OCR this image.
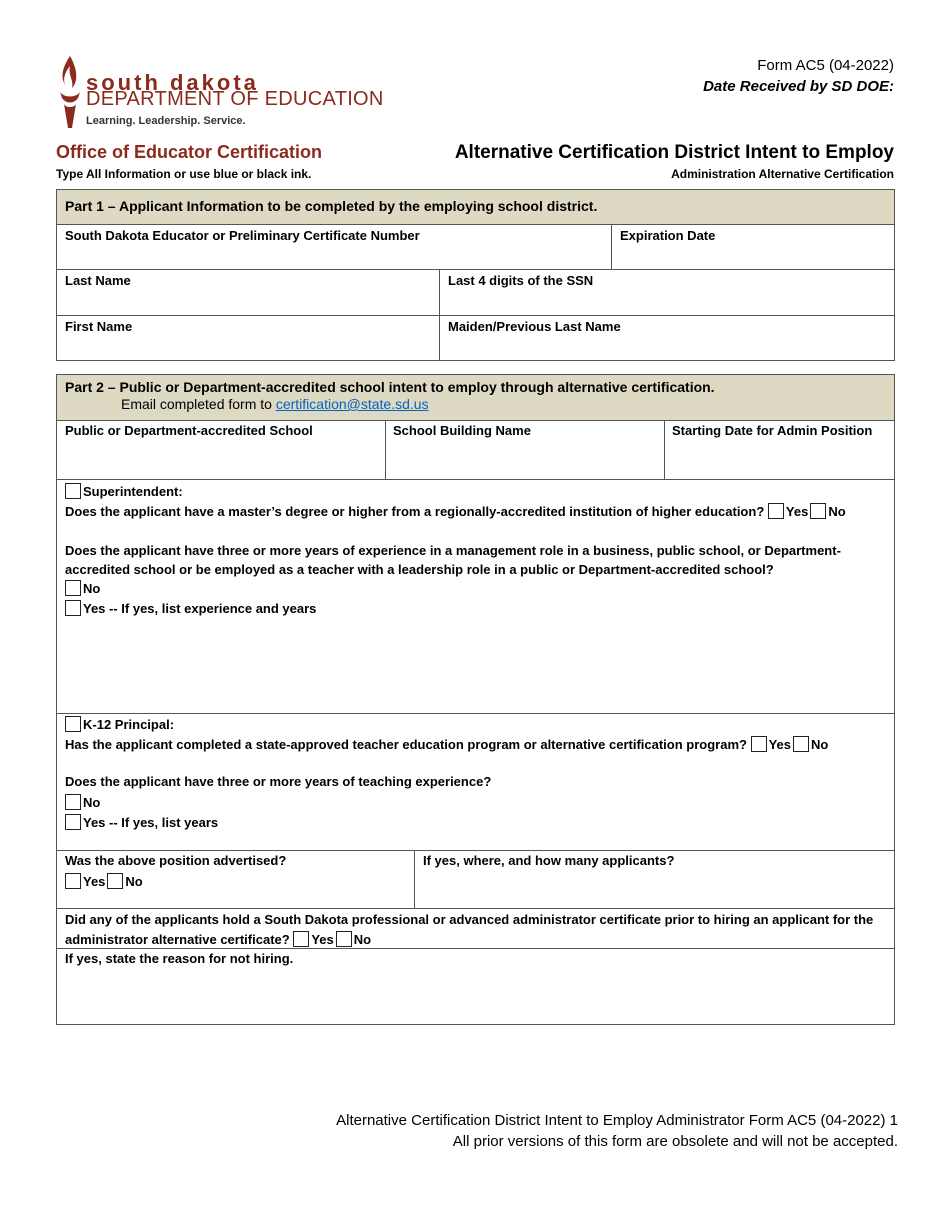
south dakota
DEPARTMENT OF EDUCATION
Learning. Leadership. Service.
Form AC5 (04-2022)
Date Received by SD DOE:
Office of Educator Certification	Alternative Certification District Intent to Employ
Type All Information or use blue or black ink.	Administration Alternative Certification
Part 1 – Applicant Information to be completed by the employing school district.
South Dakota Educator or Preliminary Certificate Number	Expiration Date
Last Name	Last 4 digits of the SSN
First Name	Maiden/Previous Last Name
Part 2 – Public or Department-accredited school intent to employ through alternative certification.
Email completed form to certification@state.sd.us
Public or Department-accredited School	School Building Name	Starting Date for Admin Position
Superintendent:
Does the applicant have a master’s degree or higher from a regionally-accredited institution of higher education? Yes No
Does the applicant have three or more years of experience in a management role in a business, public school, or Department-accredited school or be employed as a teacher with a leadership role in a public or Department-accredited school?
No
Yes -- If yes, list experience and years
K-12 Principal:
Has the applicant completed a state-approved teacher education program or alternative certification program? Yes No
Does the applicant have three or more years of teaching experience?
No
Yes -- If yes, list years
Was the above position advertised?
Yes No
If yes, where, and how many applicants?
Did any of the applicants hold a South Dakota professional or advanced administrator certificate prior to hiring an applicant for the administrator alternative certificate? Yes No
If yes, state the reason for not hiring.
Alternative Certification District Intent to Employ Administrator Form AC5 (04-2022) 1
All prior versions of this form are obsolete and will not be accepted.
